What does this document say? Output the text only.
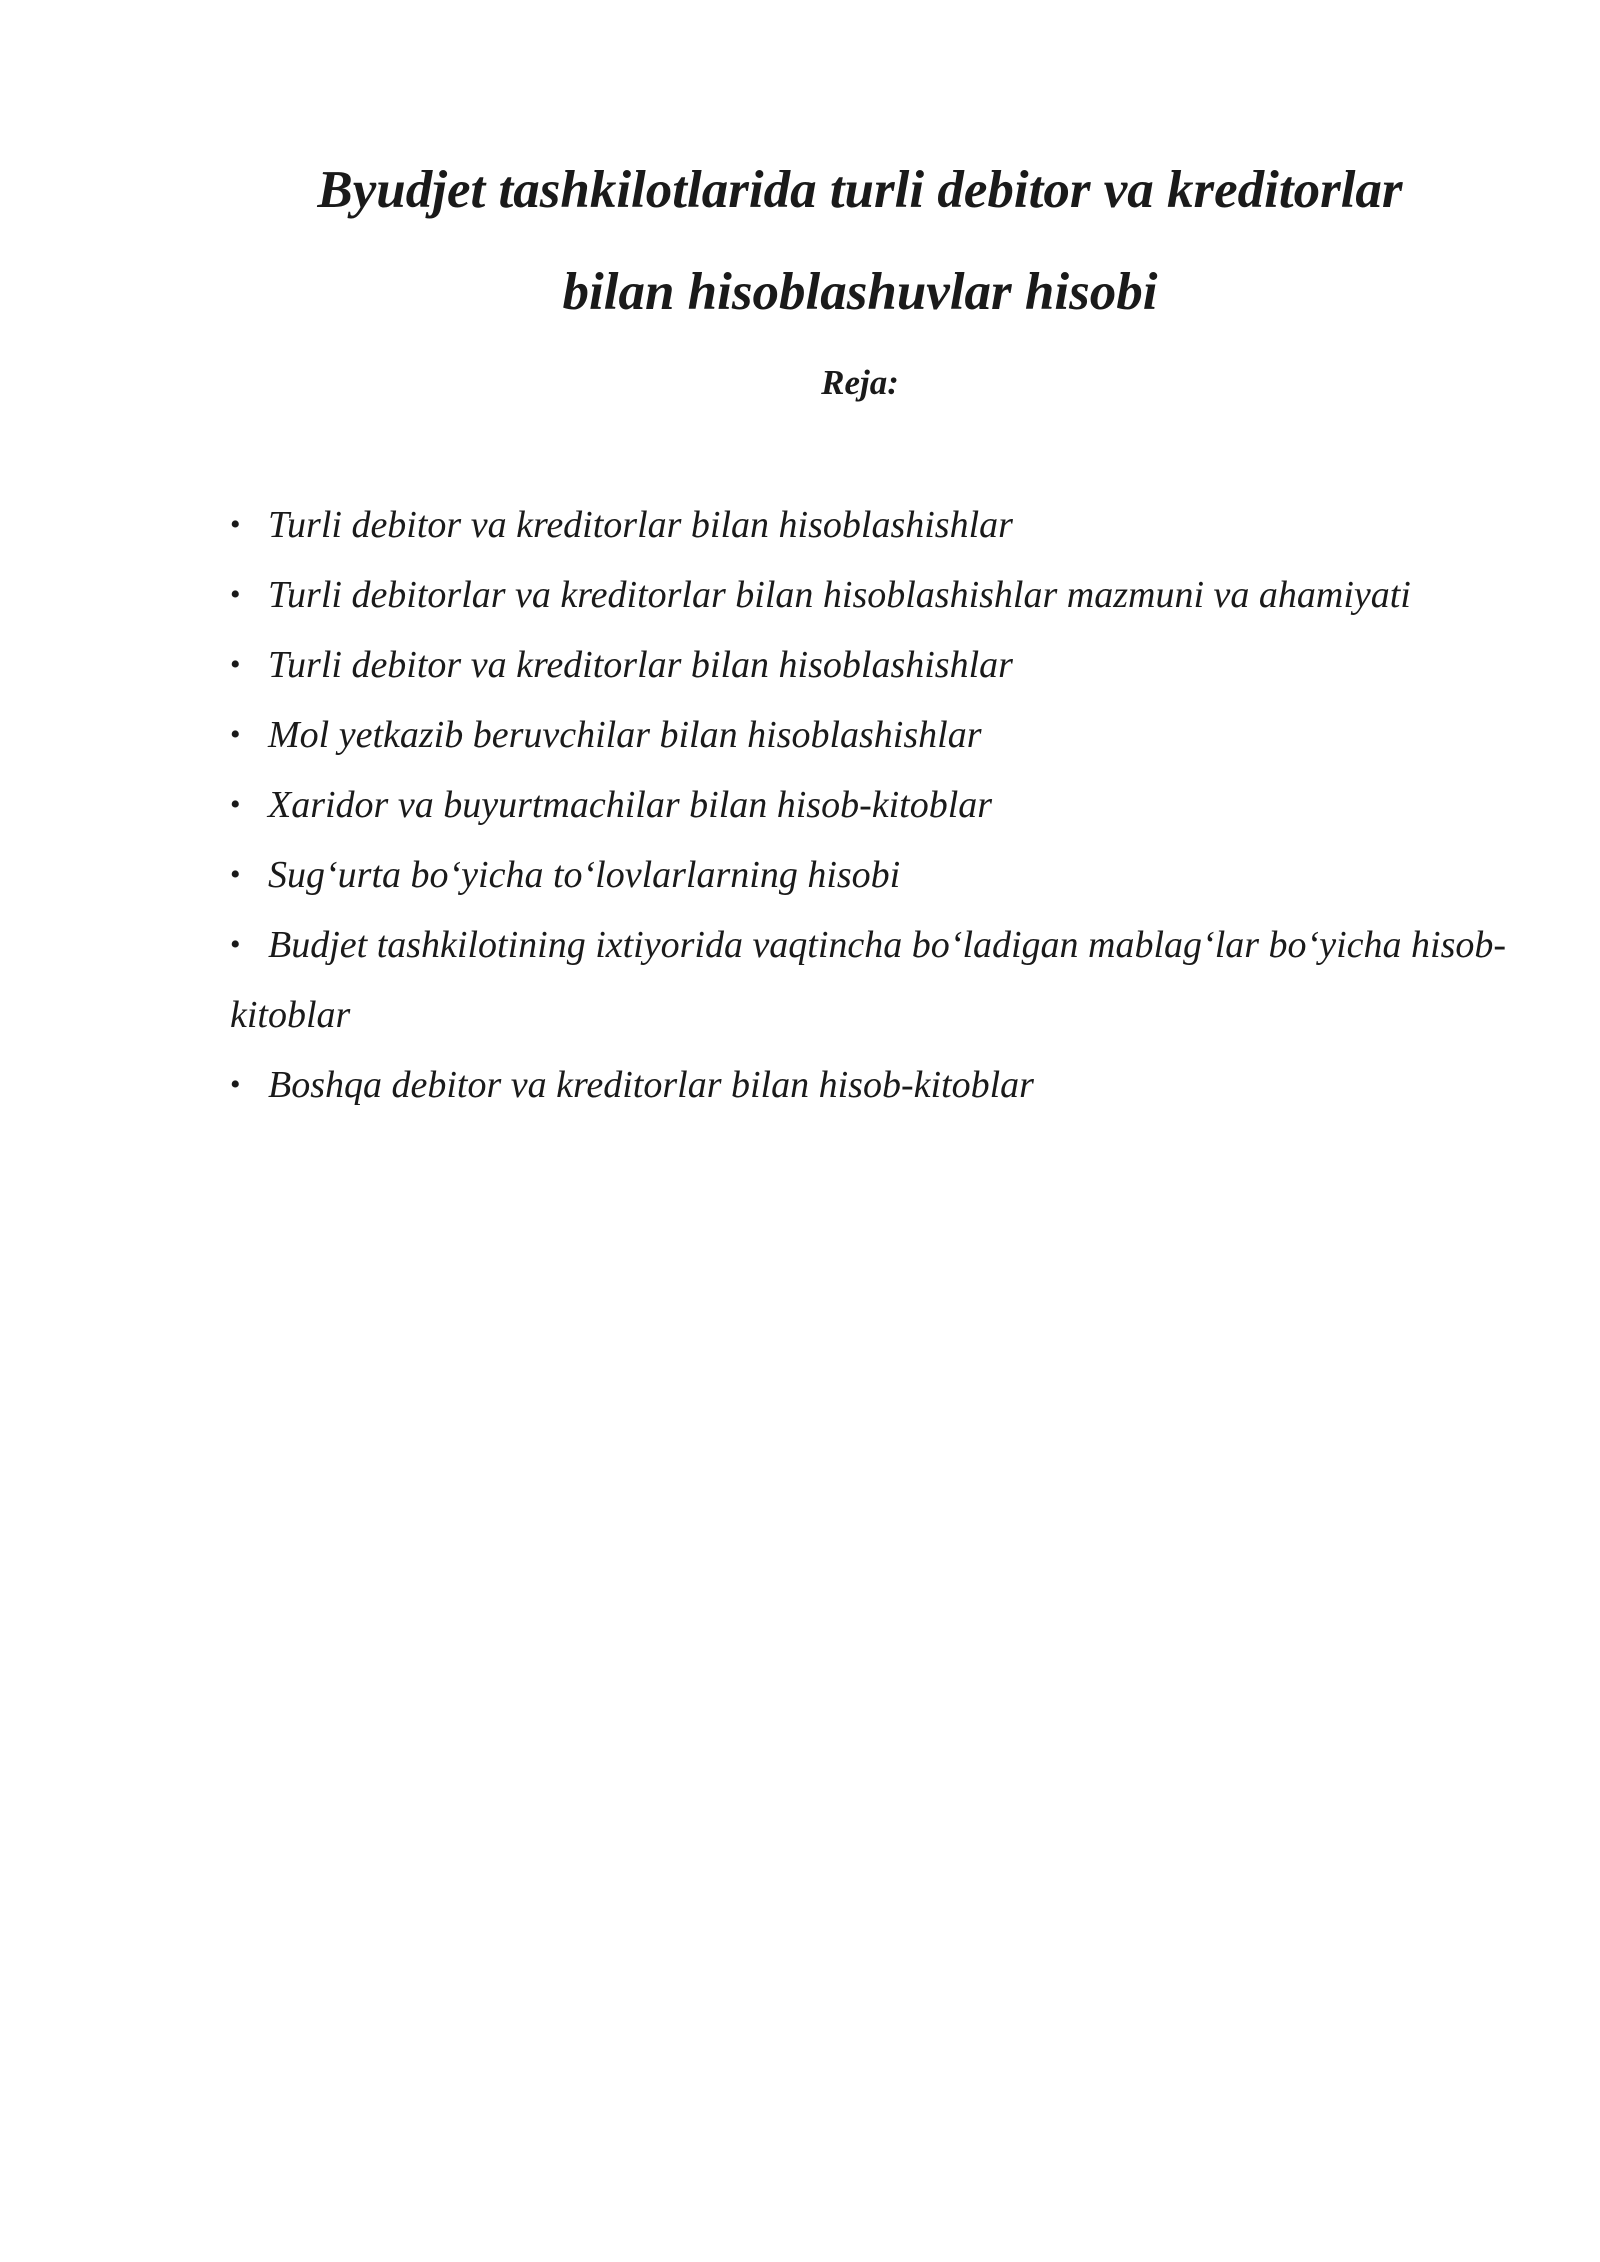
Byudjet tashkilotlarida turli debitor va kreditorlar
bilan hisoblashuvlar hisobi

Reja:

• Turli debitor va kreditorlar bilan hisoblashishlar
• Turli debitorlar va kreditorlar bilan hisoblashishlar mazmuni va ahamiyati
• Turli debitor va kreditorlar bilan hisoblashishlar
• Mol yetkazib beruvchilar bilan hisoblashishlar
• Xaridor va buyurtmachilar bilan hisob-kitoblar
• Sug‘urta bo‘yicha to‘lovlarlarning hisobi
• Budjet tashkilotining ixtiyorida vaqtincha bo‘ladigan mablag‘lar bo‘yicha hisob-kitoblar
• Boshqa debitor va kreditorlar bilan hisob-kitoblar
